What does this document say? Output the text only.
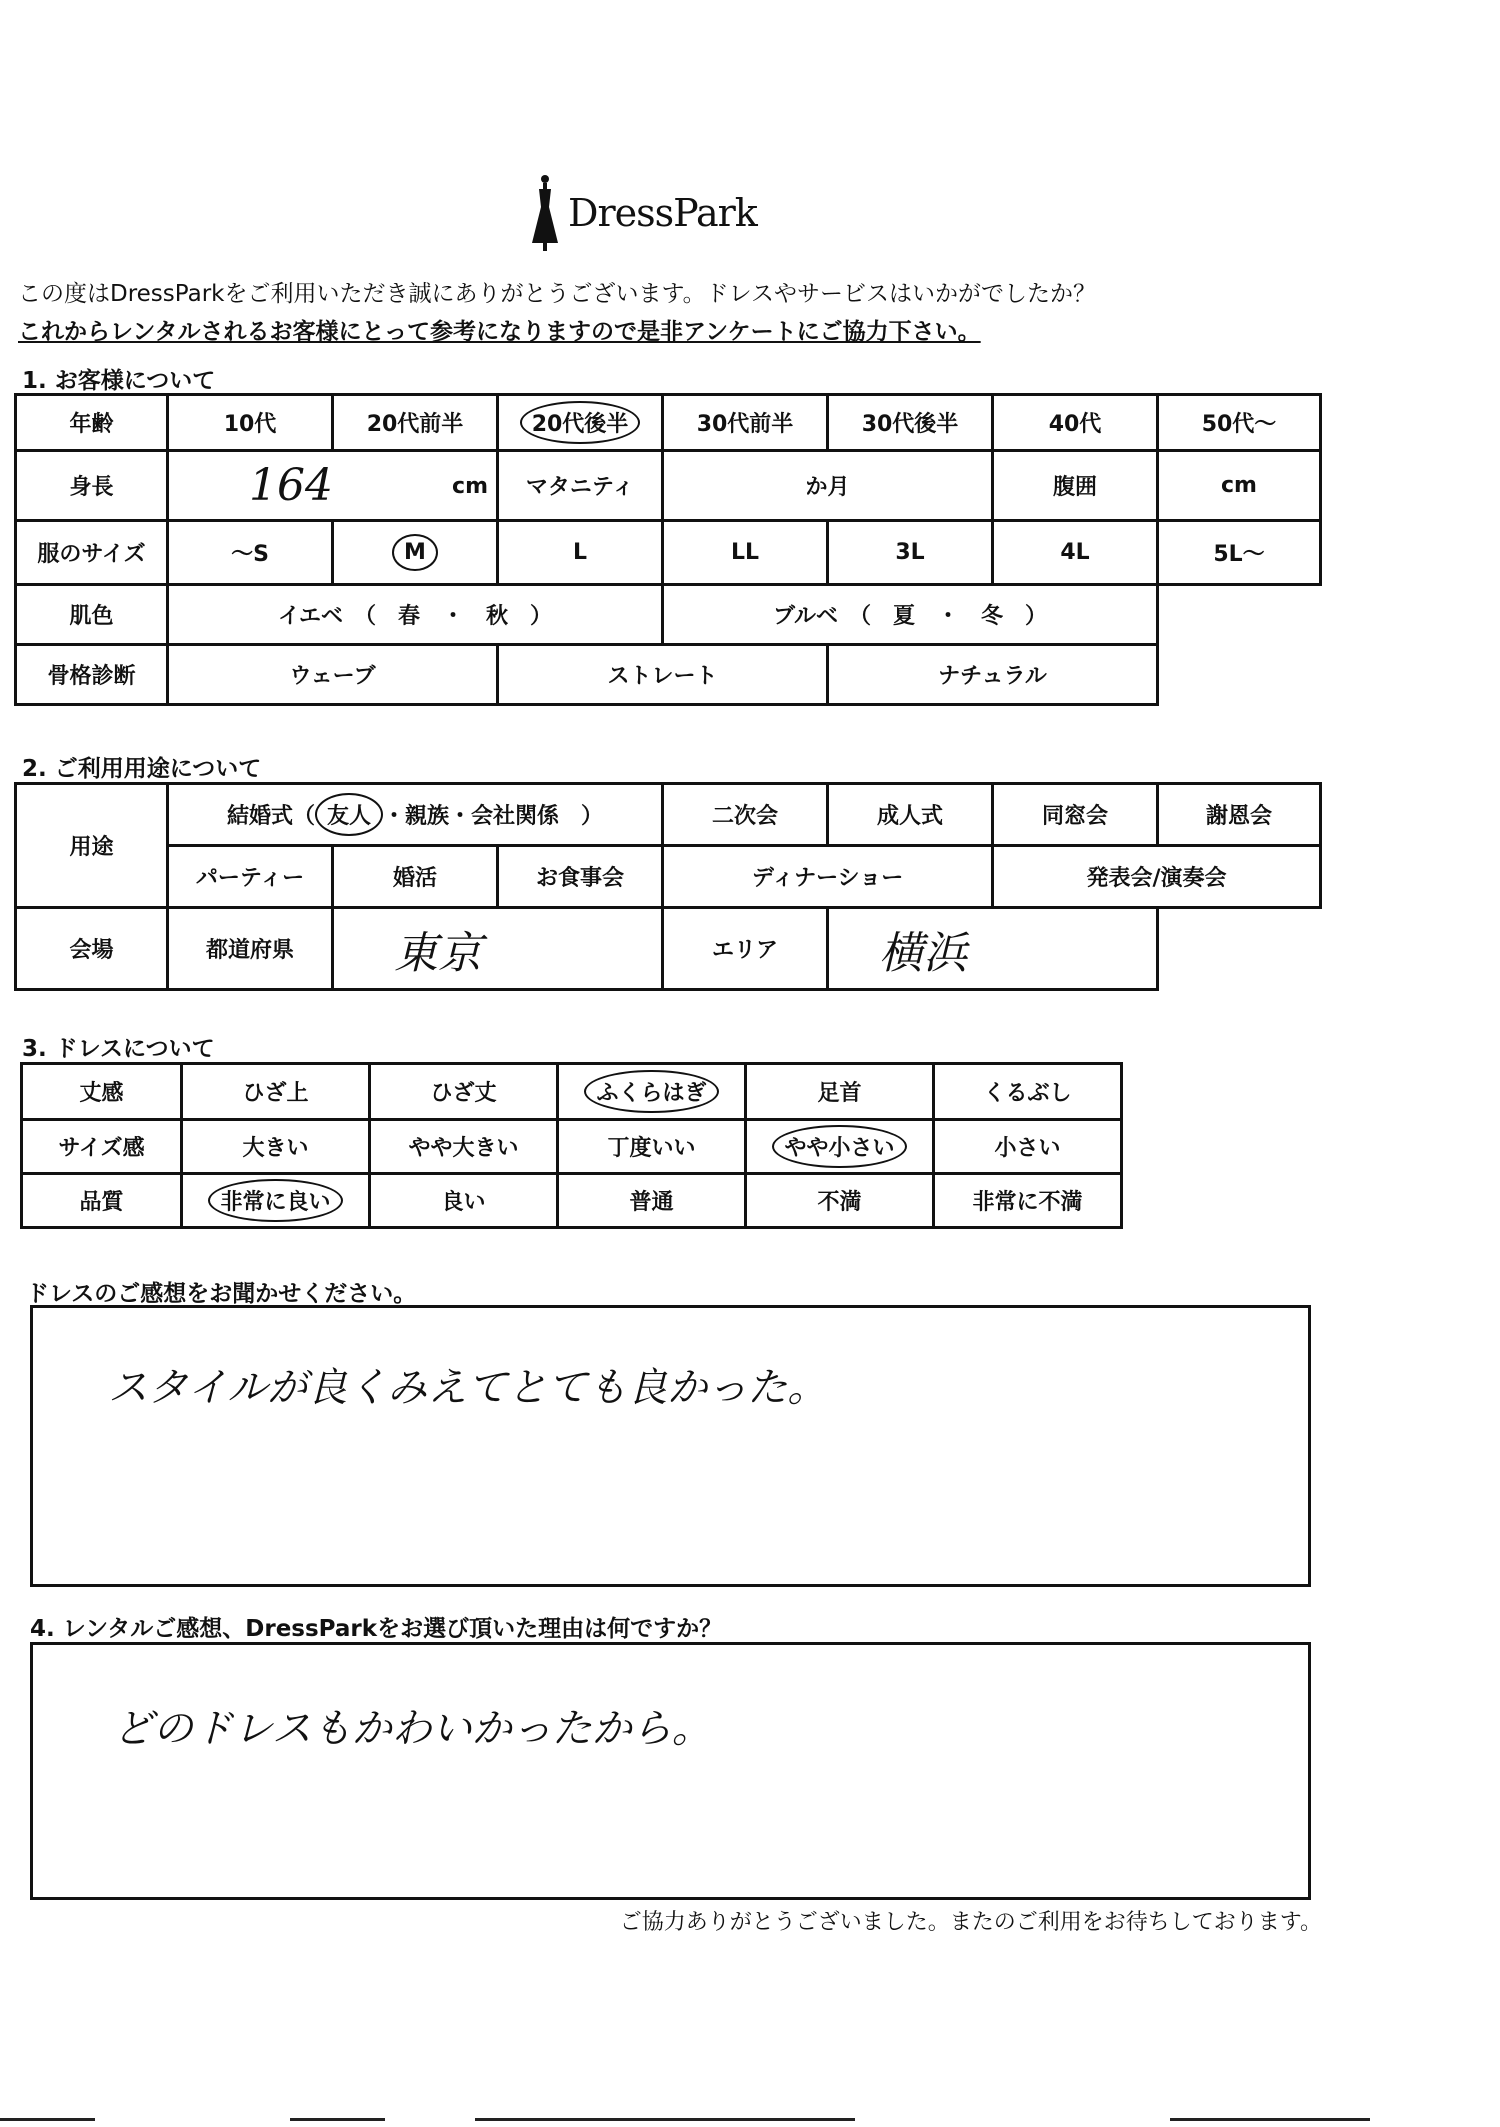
DressPark
この度はDressParkをご利用いただき誠にありがとうございます。ドレスやサービスはいかがでしたか？
これからレンタルされるお客様にとって参考になりますので是非アンケートにご協力下さい。
1. お客様について
年齢	10代	20代前半	20代後半	30代前半	30代後半	40代	50代〜
身長	164 cm		マタニティ	か月		腹囲	cm
服のサイズ	〜S	M	L	LL	3L	4L	5L〜
肌色	イエベ　（　春　・　秋　）			ブルベ　（　夏　・　冬　）			
骨格診断	ウェーブ		ストレート		ナチュラル		
2. ご利用用途について
用途	結婚式（ 友人 ・親族・会社関係　）			二次会	成人式	同窓会	謝恩会
	パーティー	婚活	お食事会	ディナーショー		発表会/演奏会	
会場	都道府県	東京		エリア	横浜		
3. ドレスについて
丈感	ひざ上	ひざ丈	ふくらはぎ	足首	くるぶし
サイズ感	大きい	やや大きい	丁度いい	やや小さい	小さい
品質	非常に良い	良い	普通	不満	非常に不満
ドレスのご感想をお聞かせください。
スタイルが良くみえてとても良かった。
4. レンタルご感想、DressParkをお選び頂いた理由は何ですか？
どのドレスもかわいかったから。
ご協力ありがとうございました。またのご利用をお待ちしております。
